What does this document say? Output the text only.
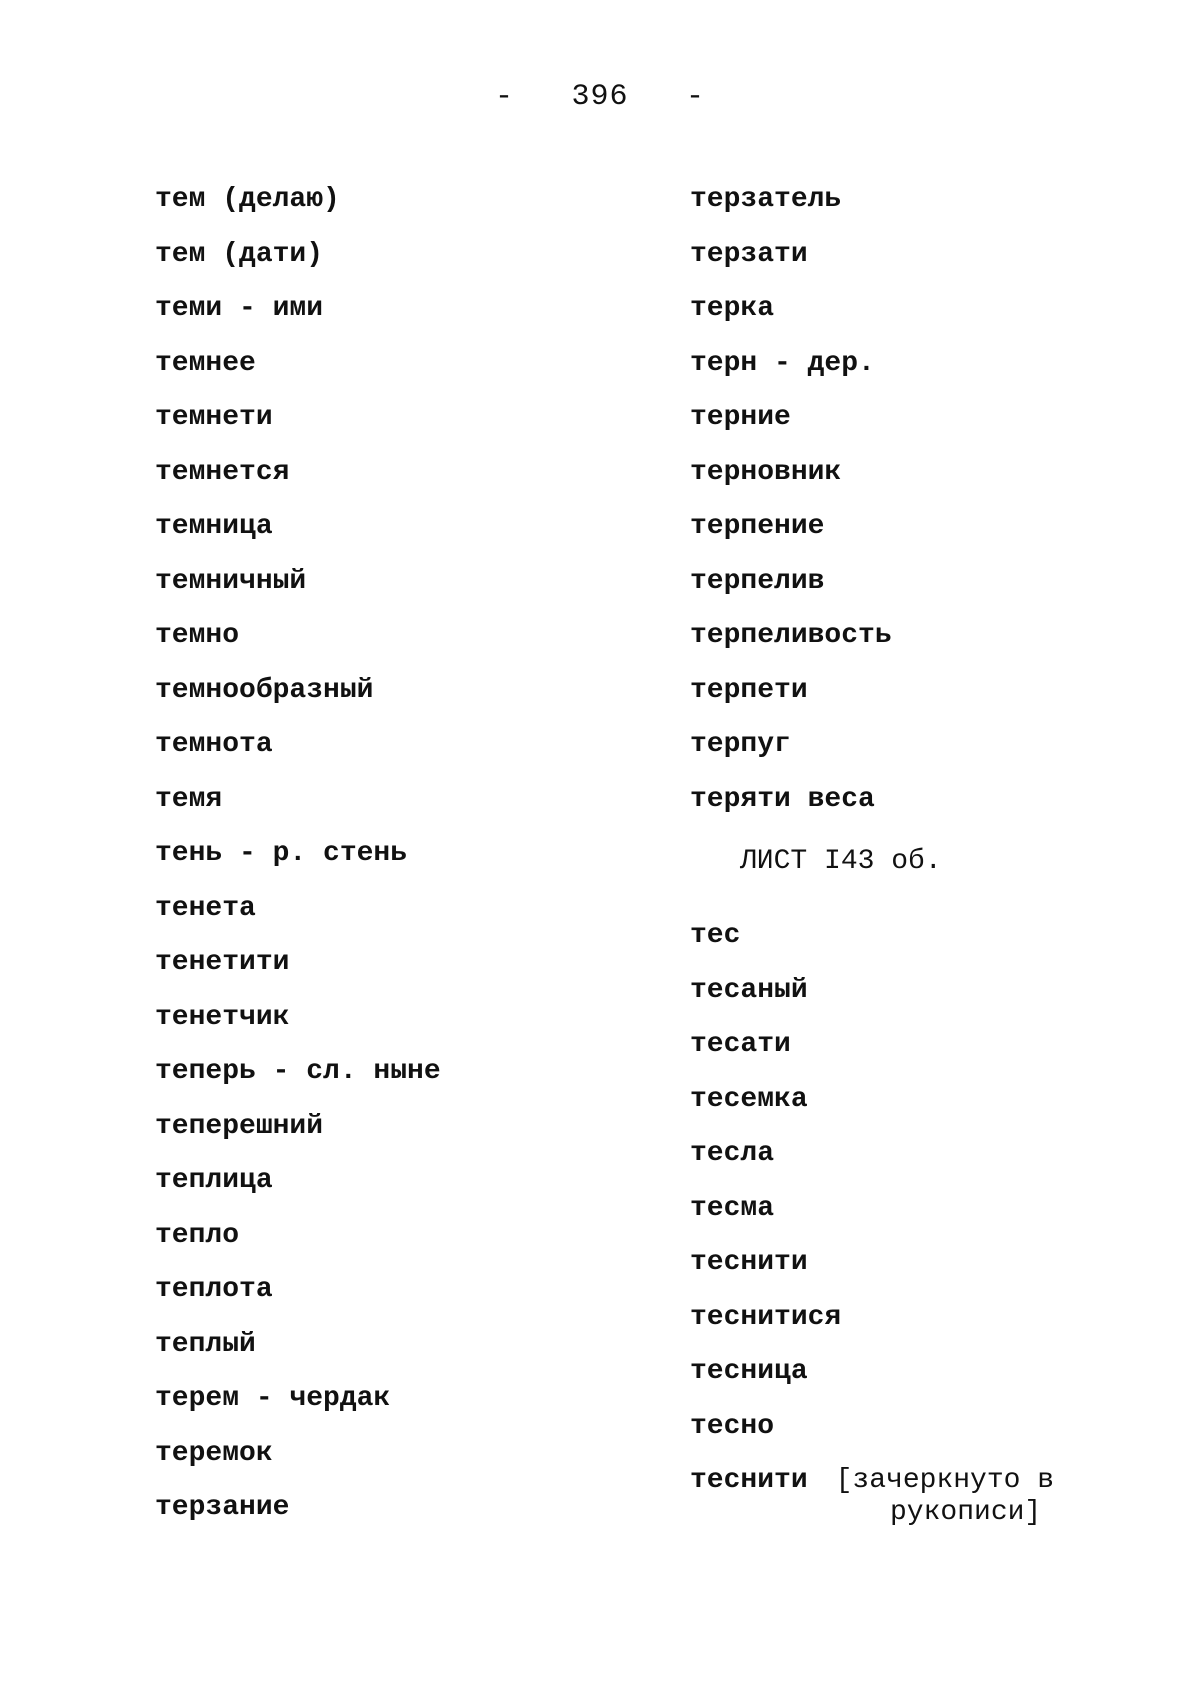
- 396 -
тем (делаю)
тем (дати)
теми - ими
темнее
темнети
темнется
темница
темничный
темно
темнообразный
темнота
темя
тень - р. стень
тенета
тенетити
тенетчик
теперь - сл. ныне
теперешний
теплица
тепло
теплота
теплый
терем - чердак
теремок
терзание
терзатель
терзати
терка
терн - дер.
терние
терновник
терпение
терпелив
терпеливость
терпети
терпуг
теряти веса
ЛИСТ I43 об.
тес
тесаный
тесати
тесемка
тесла
тесма
теснити
теснитися
тесница
тесно
теснити [зачеркнуто в
рукописи]
